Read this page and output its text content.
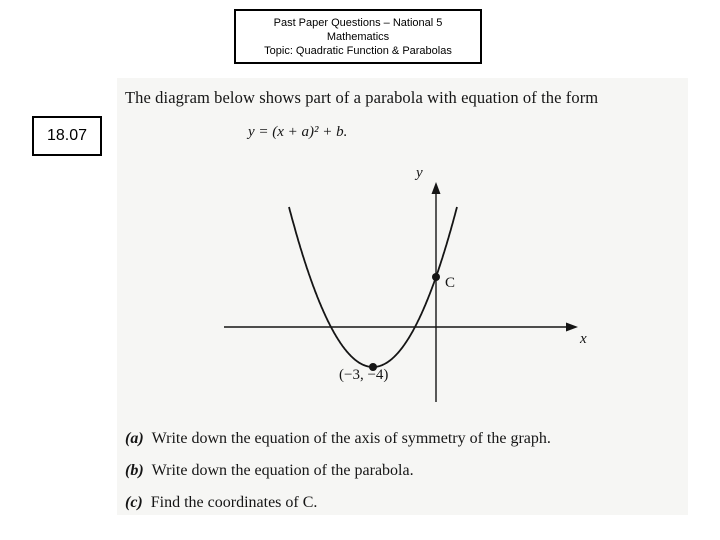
Past Paper Questions – National 5
Mathematics
Topic: Quadratic Function & Parabolas
18.07
The diagram below shows part of a parabola with equation of the form
y = (x + a)² + b.
x
y
(−3, −4)
C
(a) Write down the equation of the axis of symmetry of the graph.
(b) Write down the equation of the parabola.
(c) Find the coordinates of C.
